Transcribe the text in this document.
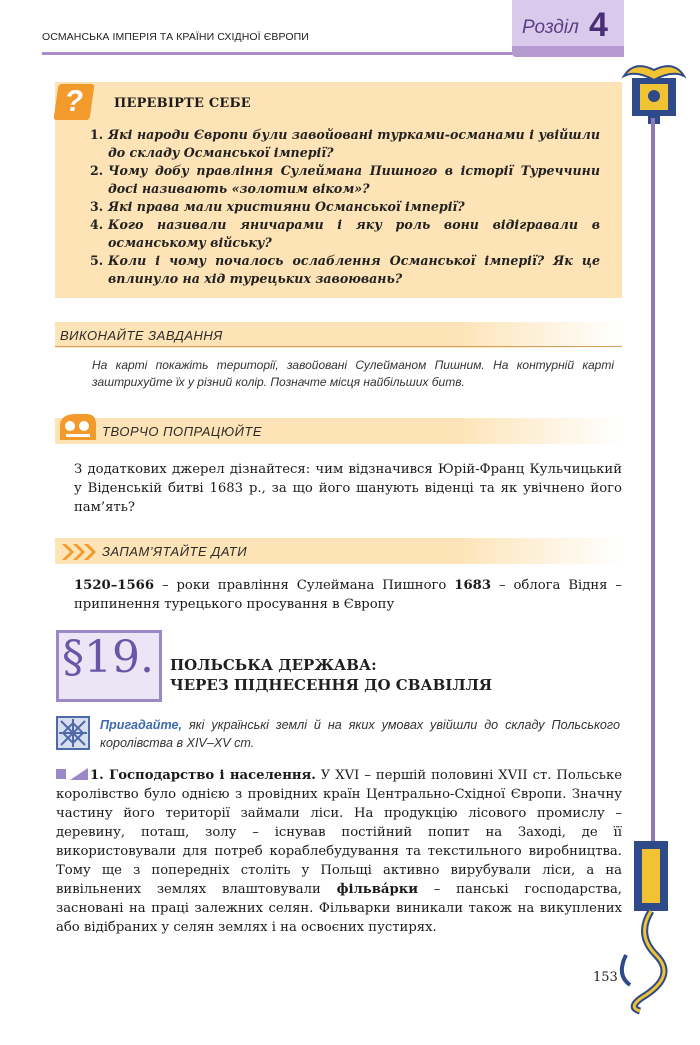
ОСМАНСЬКА ІМПЕРІЯ ТА КРАЇНИ СХІДНОЇ ЄВРОПИ	Розділ 4
?	ПЕРЕВІРТЕ СЕБЕ
1. Які народи Європи були завойовані турками-османами і увійшли до складу Османської імперії?
2. Чому добу правління Сулеймана Пишного в історії Туреччини досі називають «золотим віком»?
3. Які права мали християни Османської імперії?
4. Кого називали яничарами і яку роль вони відігравали в османському війську?
5. Коли і чому почалось ослаблення Османської імперії? Як це вплинуло на хід турецьких завоювань?
ВИКОНАЙТЕ ЗАВДАННЯ
На карті покажіть території, завойовані Сулейманом Пишним. На контурній карті заштрихуйте їх у різний колір. Позначте місця найбільших битв.
ТВОРЧО ПОПРАЦЮЙТЕ
З додаткових джерел дізнайтеся: чим відзначився Юрій-Франц Кульчицький у Віденській битві 1683 р., за що його шанують віденці та як увічнено його пам’ять?
ЗАПАМ’ЯТАЙТЕ ДАТИ
1520–1566 – роки правління Сулеймана Пишного 1683 – облога Відня – припинення турецького просування в Європу
§19. ПОЛЬСЬКА ДЕРЖАВА:
ЧЕРЕЗ ПІДНЕСЕННЯ ДО СВАВІЛЛЯ
Пригадайте, які українські землі й на яких умовах увійшли до складу Польського королівства в XIV–XV ст.
1. Господарство і населення. У XVI – першій половині XVII ст. Польське королівство було однією з провідних країн Центрально-Східної Європи. Значну частину його території займали ліси. На продукцію лісового промислу – деревину, поташ, золу – існував постійний попит на Заході, де її використовували для потреб кораблебудування та текстильного виробництва. Тому ще з попередніх століть у Польщі активно вирубували ліси, а на вивільнених землях влаштовували фільва́рки – панські господарства, засновані на праці залежних селян. Фільварки виникали також на викуплених або відібраних у селян землях і на освоєних пустирях.
153
